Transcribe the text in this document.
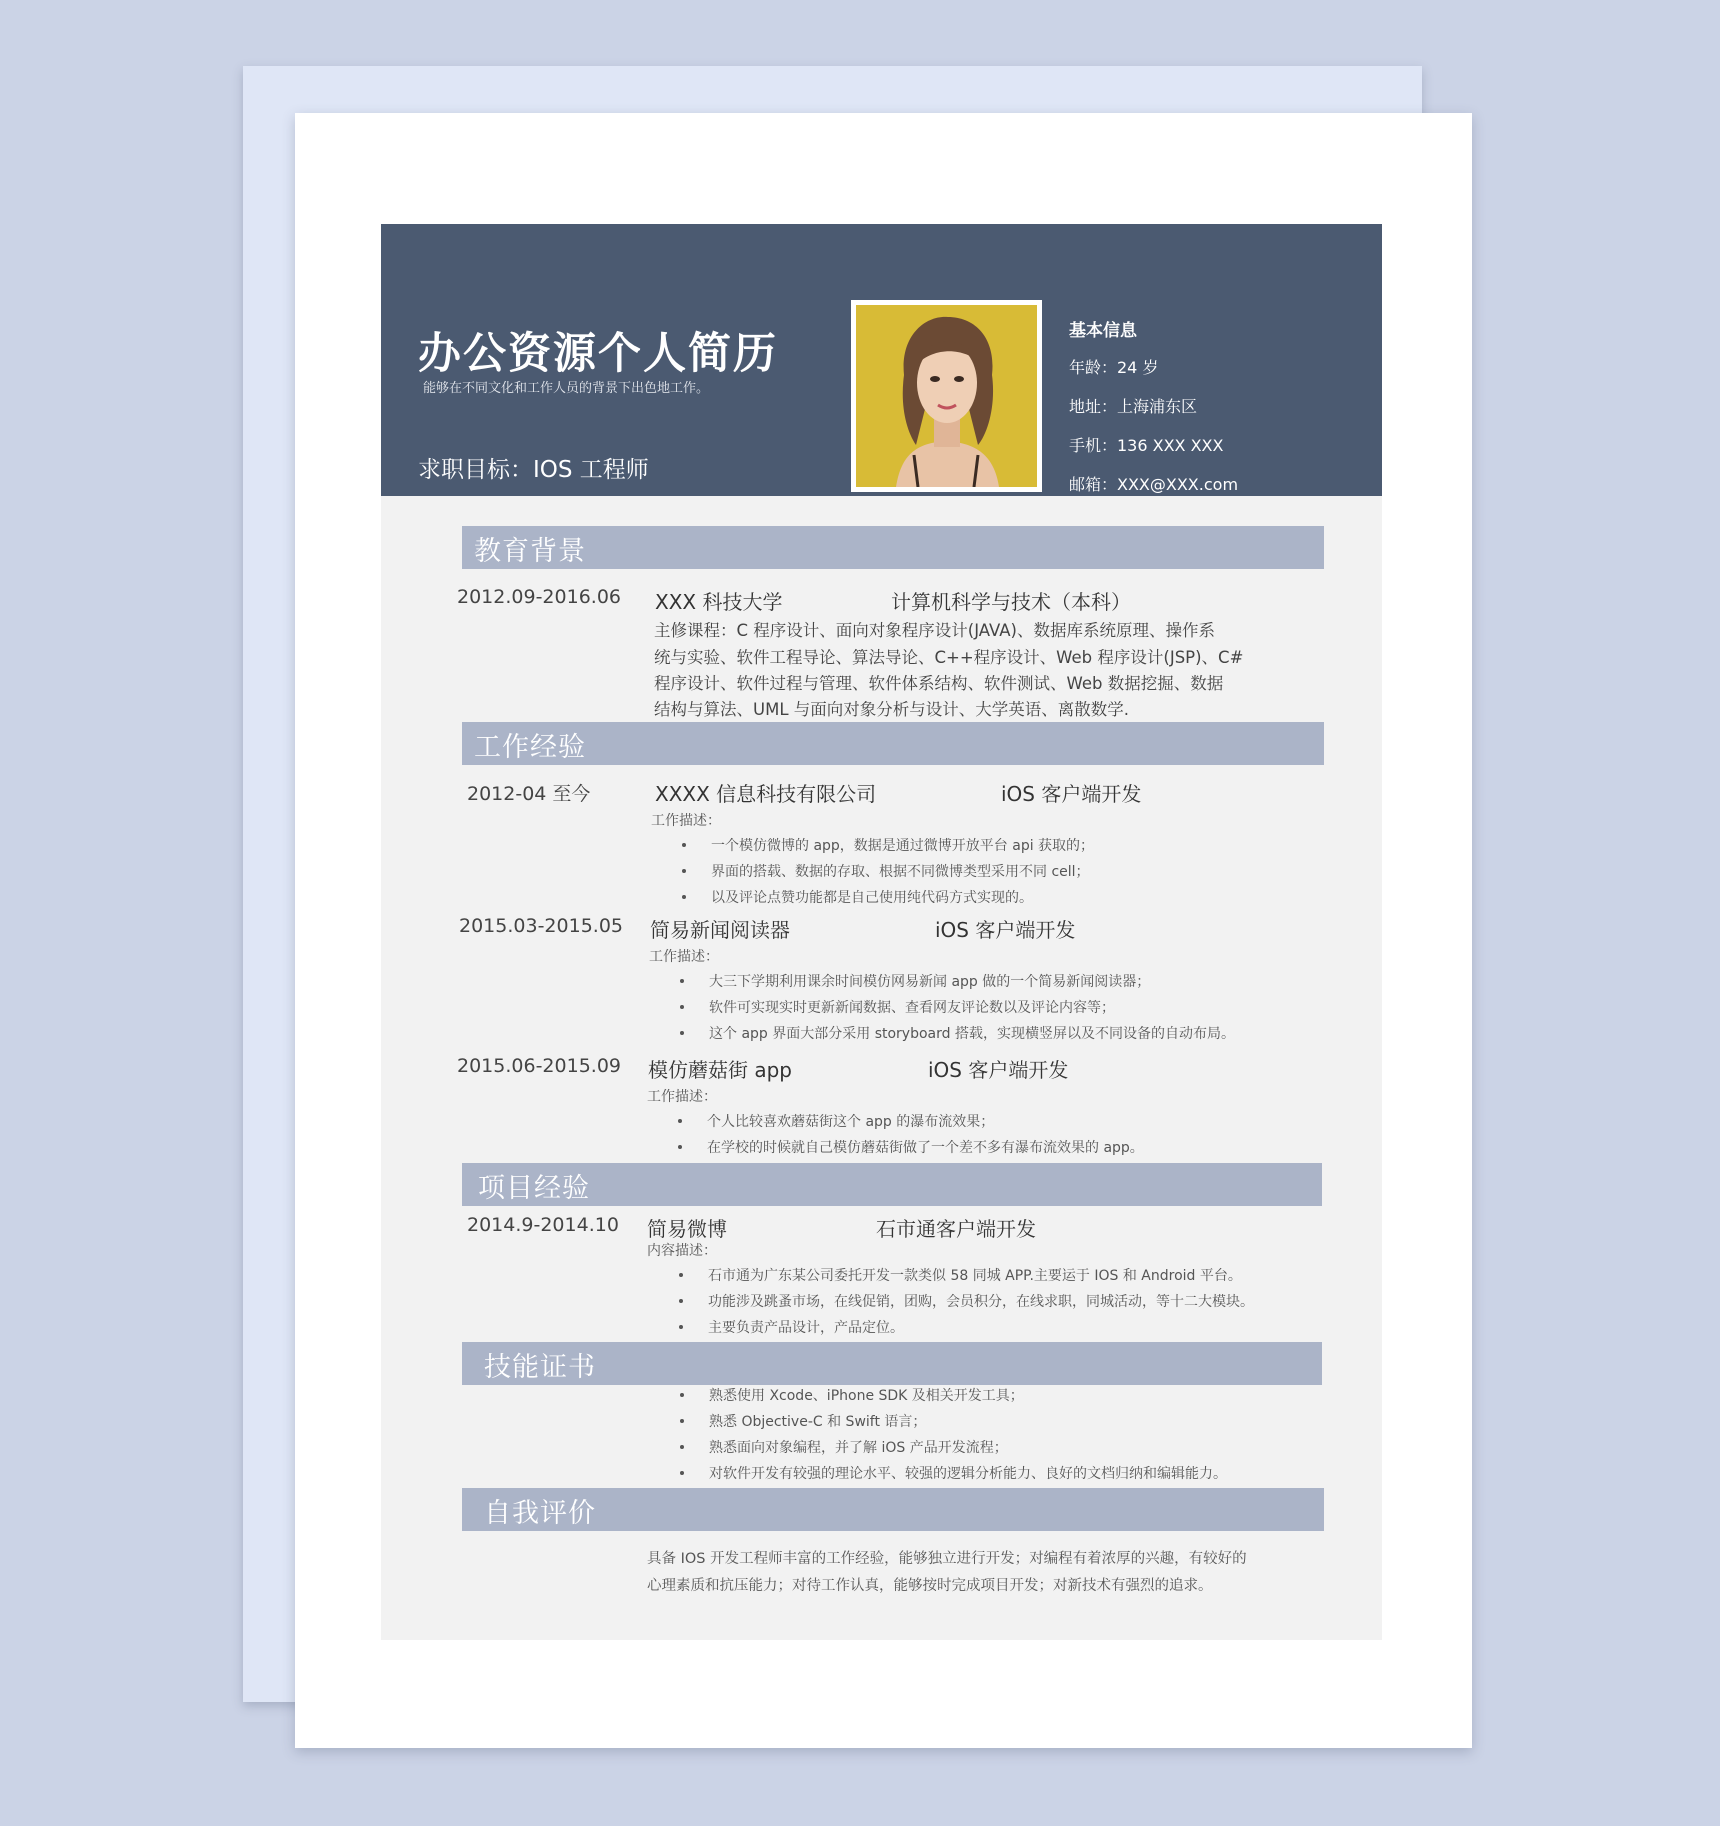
办公资源个人简历
能够在不同文化和工作人员的背景下出色地工作。
求职目标：IOS 工程师
基本信息
年龄：24 岁
地址：上海浦东区
手机：136 XXX XXX
邮箱：XXX@XXX.com
教育背景
2012.09-2016.06 XXX 科技大学	计算机科学与技术（本科）
主修课程：C 程序设计、面向对象程序设计(JAVA)、数据库系统原理、操作系
统与实验、软件工程导论、算法导论、C++程序设计、Web 程序设计(JSP)、C#
程序设计、软件过程与管理、软件体系结构、软件测试、Web 数据挖掘、数据
结构与算法、UML 与面向对象分析与设计、大学英语、离散数学.
工作经验
2012-04 至今	XXXX 信息科技有限公司	iOS 客户端开发
工作描述：
一个模仿微博的 app，数据是通过微博开放平台 api 获取的；
界面的搭载、数据的存取、根据不同微博类型采用不同 cell；
以及评论点赞功能都是自己使用纯代码方式实现的。
2015.03-2015.05 简易新闻阅读器	iOS 客户端开发
工作描述：
大三下学期利用课余时间模仿网易新闻 app 做的一个简易新闻阅读器；
软件可实现实时更新新闻数据、查看网友评论数以及评论内容等；
这个 app 界面大部分采用 storyboard 搭载，实现横竖屏以及不同设备的自动布局。
2015.06-2015.09 模仿蘑菇街 app	iOS 客户端开发
工作描述：
个人比较喜欢蘑菇街这个 app 的瀑布流效果；
在学校的时候就自己模仿蘑菇街做了一个差不多有瀑布流效果的 app。
项目经验
2014.9-2014.10 简易微博	石市通客户端开发
内容描述：
石市通为广东某公司委托开发一款类似 58 同城 APP.主要运于 IOS 和 Android 平台。
功能涉及跳蚤市场，在线促销，团购，会员积分，在线求职，同城活动，等十二大模块。
主要负责产品设计，产品定位。
技能证书
熟悉使用 Xcode、iPhone SDK 及相关开发工具；
熟悉 Objective-C 和 Swift 语言；
熟悉面向对象编程，并了解 iOS 产品开发流程；
对软件开发有较强的理论水平、较强的逻辑分析能力、良好的文档归纳和编辑能力。
自我评价
具备 IOS 开发工程师丰富的工作经验，能够独立进行开发；对编程有着浓厚的兴趣，有较好的
心理素质和抗压能力；对待工作认真，能够按时完成项目开发；对新技术有强烈的追求。
